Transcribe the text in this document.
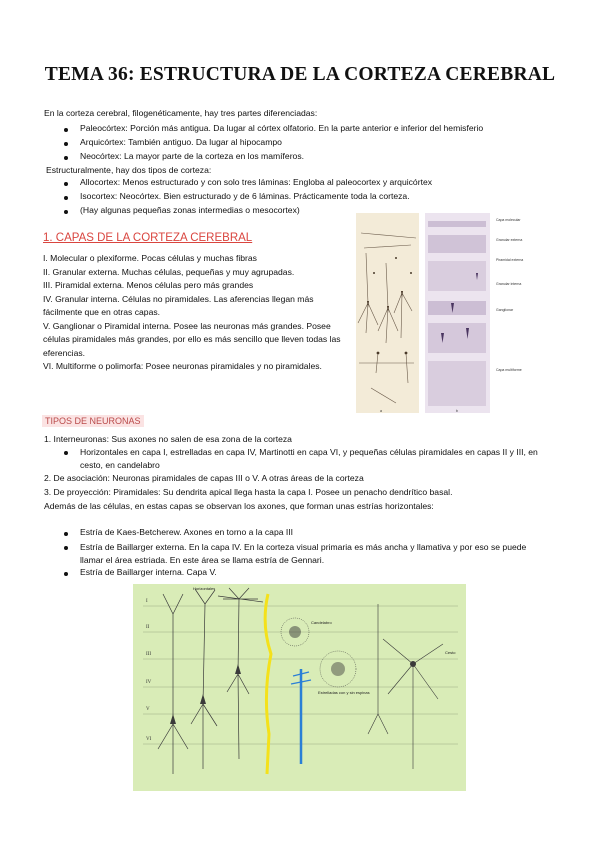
TEMA 36: ESTRUCTURA DE LA CORTEZA CEREBRAL
En la corteza cerebral, filogenéticamente, hay tres partes diferenciadas:
Paleocórtex: Porción más antigua. Da lugar al córtex olfatorio. En la parte anterior e inferior del hemisferio
Arquicórtex: También antiguo. Da lugar al hipocampo
Neocórtex: La mayor parte de la corteza en los mamíferos.
Estructuralmente, hay dos tipos de corteza:
Allocortex: Menos estructurado y con solo tres láminas: Engloba al paleocortex y arquicórtex
Isocortex: Neocórtex. Bien estructurado y de 6 láminas. Prácticamente toda la corteza.
(Hay algunas pequeñas zonas intermedias o mesocortex)
1. CAPAS DE LA CORTEZA CEREBRAL

I. Molecular o plexiforme. Pocas células y muchas fibras

II. Granular externa. Muchas células, pequeñas y muy agrupadas.

III. Piramidal externa. Menos células pero más grandes

IV. Granular interna. Células no piramidales. Las aferencias llegan más fácilmente que en otras capas.

V. Ganglionar o Piramidal interna. Posee las neuronas más grandes. Posee células piramidales más grandes, por ello es más sencillo que lleven todas las eferencias.

VI. Multiforme o polimorfa: Posee neuronas piramidales y no piramidales.

Capa molecular
Granular externa
Piramidal externa
Granular interna
Ganglionar
Capa multiforme
a	b
TIPOS DE NEURONAS
1. Interneuronas: Sus axones no salen de esa zona de la corteza
Horizontales en capa I, estrelladas en capa IV, Martinotti en capa VI, y pequeñas células piramidales en capas II y III, en cesto, en candelabro
2. De asociación: Neuronas piramidales de capas III o V. A otras áreas de la corteza
3. De proyección: Piramidales: Su dendrita apical llega hasta la capa I. Posee un penacho dendrítico basal.
Además de las células, en estas capas se observan los axones, que forman unas estrías horizontales:
Estría de Kaes-Betcherew. Axones en torno a la capa III
Estría de Baillarger externa. En la capa IV. En la corteza visual primaria es más ancha y llamativa y por eso se puede llamar el área estriada. En este área se llama estría de Gennari.
Estría de Baillarger interna. Capa V.
I
II
III
IV
V
VI
Horizontales
Candelabro
Cesto
Estrelladas con y sin espinas
